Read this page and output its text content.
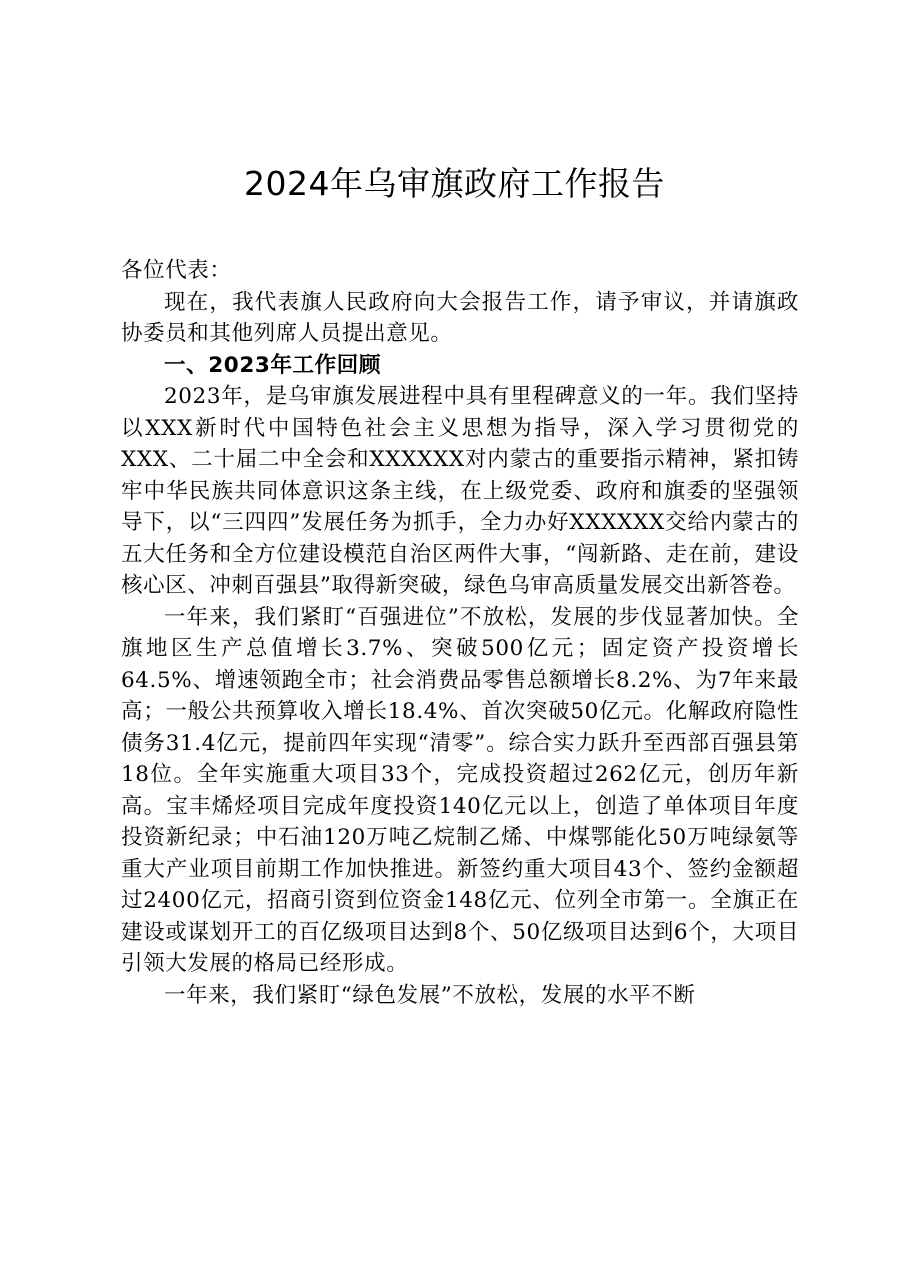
2024年乌审旗政府工作报告

各位代表：

现在，我代表旗人民政府向大会报告工作，请予审议，并请旗政协委员和其他列席人员提出意见。

一、2023年工作回顾

2023年，是乌审旗发展进程中具有里程碑意义的一年。我们坚持以XXX新时代中国特色社会主义思想为指导，深入学习贯彻党的XXX、二十届二中全会和XXXXXX对内蒙古的重要指示精神，紧扣铸牢中华民族共同体意识这条主线，在上级党委、政府和旗委的坚强领导下，以“三四四”发展任务为抓手，全力办好XXXXXX交给内蒙古的五大任务和全方位建设模范自治区两件大事，“闯新路、走在前，建设核心区、冲刺百强县”取得新突破，绿色乌审高质量发展交出新答卷。

一年来，我们紧盯“百强进位”不放松，发展的步伐显著加快。全旗地区生产总值增长3.7%、突破500亿元；固定资产投资增长64.5%、增速领跑全市；社会消费品零售总额增长8.2%、为7年来最高；一般公共预算收入增长18.4%、首次突破50亿元。化解政府隐性债务31.4亿元，提前四年实现“清零”。综合实力跃升至西部百强县第18位。全年实施重大项目33个，完成投资超过262亿元，创历年新高。宝丰烯烃项目完成年度投资140亿元以上，创造了单体项目年度投资新纪录；中石油120万吨乙烷制乙烯、中煤鄂能化50万吨绿氨等重大产业项目前期工作加快推进。新签约重大项目43个、签约金额超过2400亿元，招商引资到位资金148亿元、位列全市第一。全旗正在建设或谋划开工的百亿级项目达到8个、50亿级项目达到6个，大项目引领大发展的格局已经形成。

一年来，我们紧盯“绿色发展”不放松，发展的水平不断
